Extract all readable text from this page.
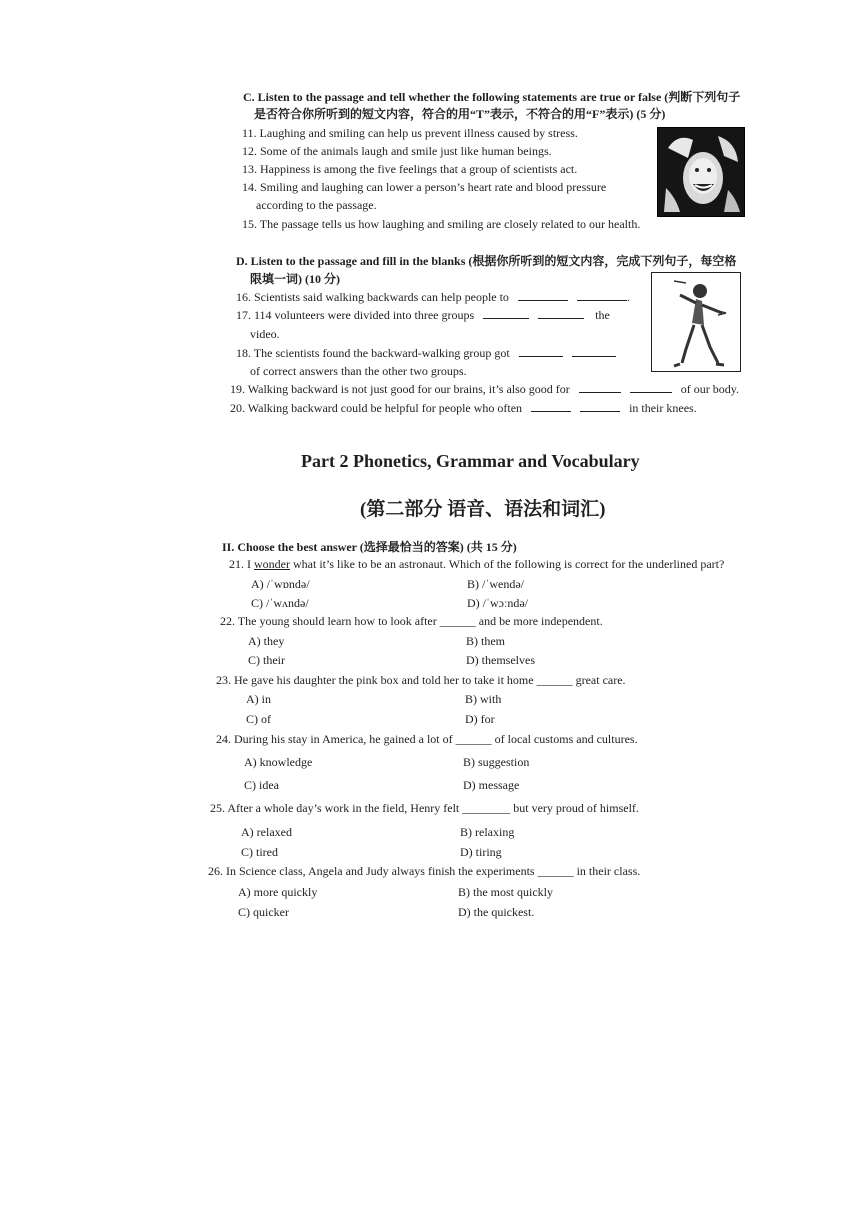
C. Listen to the passage and tell whether the following statements are true or false (判断下列句子
是否符合你所听到的短文内容，符合的用“T”表示，不符合的用“F”表示) (5 分)
11. Laughing and smiling can help us prevent illness caused by stress.
12. Some of the animals laugh and smile just like human beings.
13. Happiness is among the five feelings that a group of scientists act.
14. Smiling and laughing can lower a person’s heart rate and blood pressure
according to the passage.
15. The passage tells us how laughing and smiling are closely related to our health.
D. Listen to the passage and fill in the blanks (根据你所听到的短文内容，完成下列句子，每空格
限填一词) (10 分)
16. Scientists said walking backwards can help people to	.
17. 114 volunteers were divided into three groups	the
video.
18. The scientists found the backward-walking group got
of correct answers than the other two groups.
19. Walking backward is not just good for our brains, it’s also good for	of our body.
20. Walking backward could be helpful for people who often	in their knees.
Part 2 Phonetics, Grammar and Vocabulary
(第二部分 语音、语法和词汇)
II. Choose the best answer (选择最恰当的答案) (共 15 分)
21. I wonder what it’s like to be an astronaut. Which of the following is correct for the underlined part?
A) /ˈwɒndə/	B) /ˈwendə/
C) /ˈwʌndə/	D) /ˈwɔːndə/
22. The young should learn how to look after ______ and be more independent.
A) they	B) them
C) their	D) themselves
23. He gave his daughter the pink box and told her to take it home ______ great care.
A) in	B) with
C) of	D) for
24. During his stay in America, he gained a lot of ______ of local customs and cultures.
A) knowledge	B) suggestion
C) idea	D) message
25. After a whole day’s work in the field, Henry felt ________ but very proud of himself.
A) relaxed	B) relaxing
C) tired	D) tiring
26. In Science class, Angela and Judy always finish the experiments ______ in their class.
A) more quickly	B) the most quickly
C) quicker	D) the quickest.
